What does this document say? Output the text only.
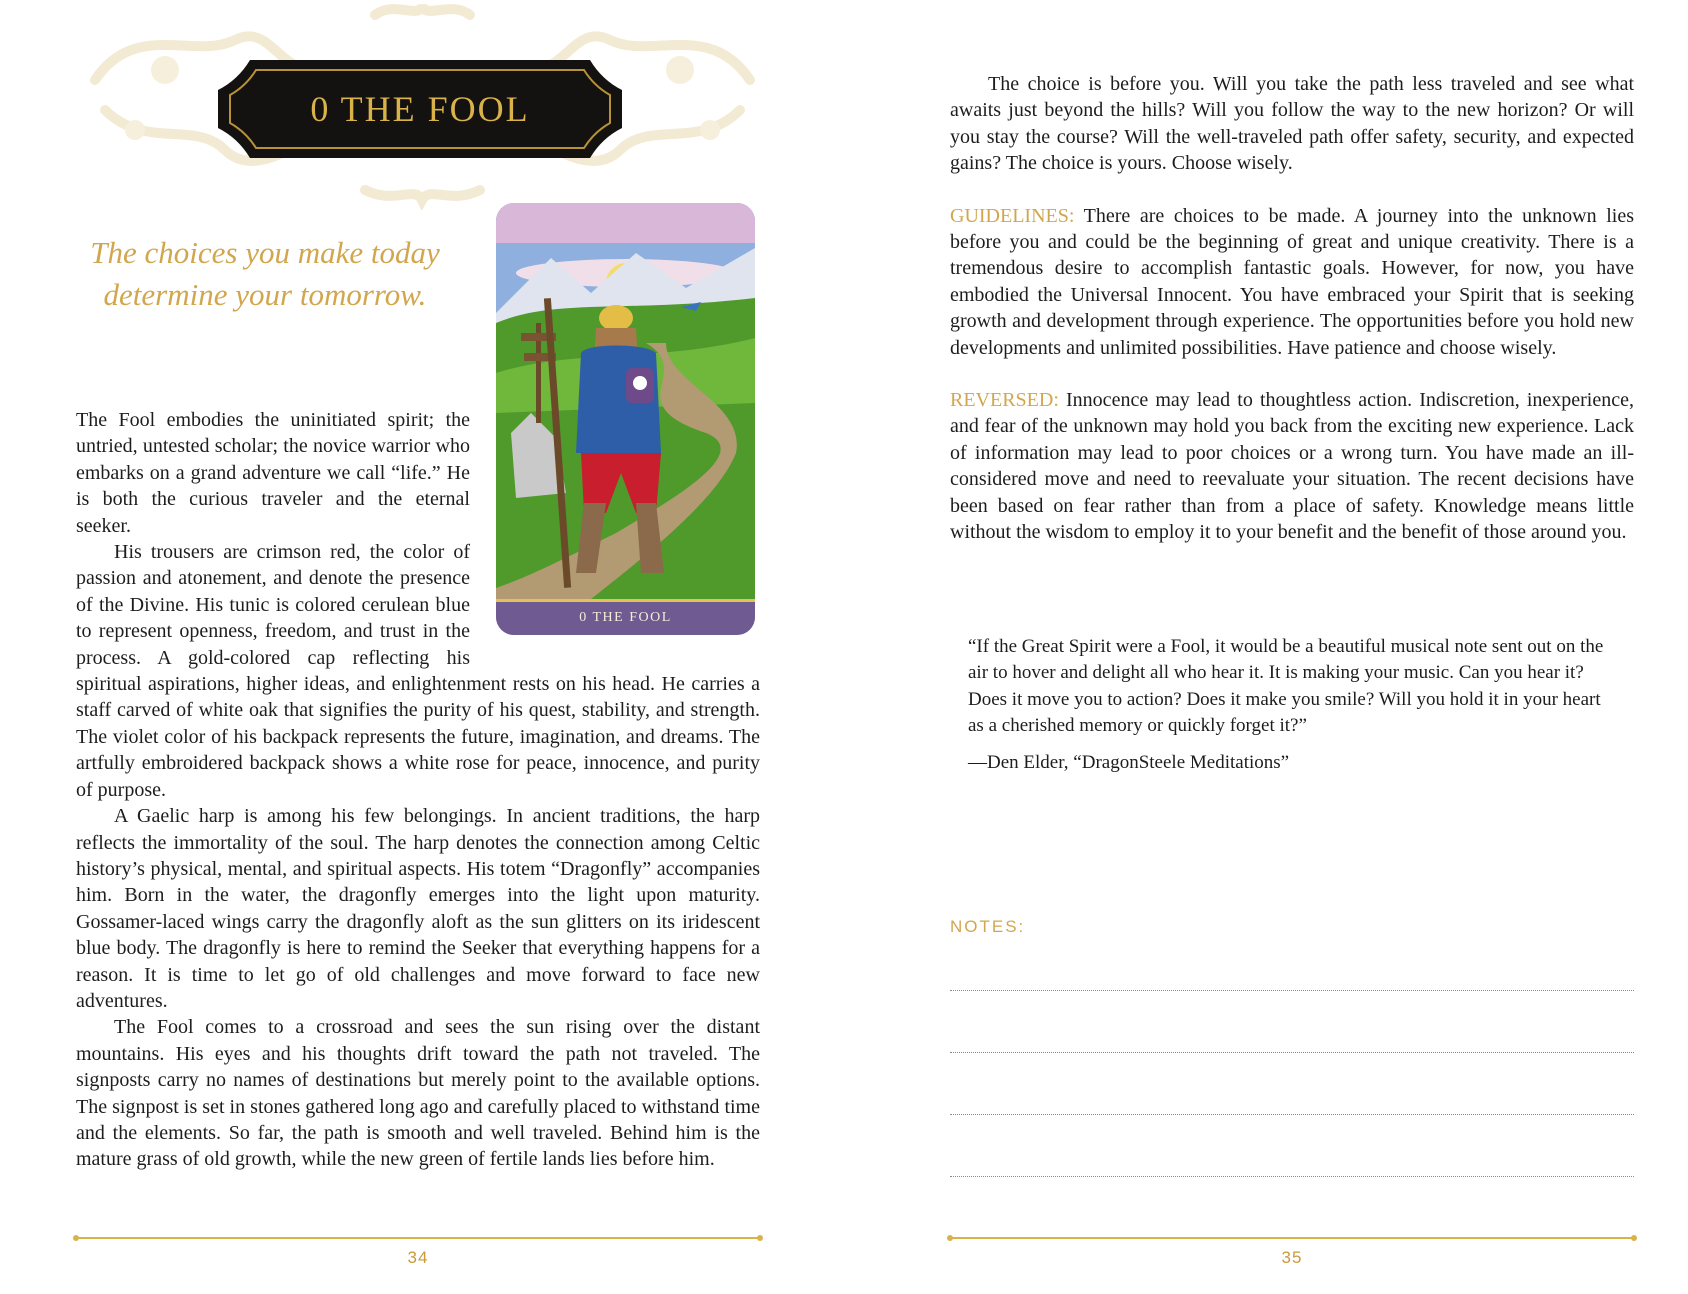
0 THE FOOL
The choices you make today determine your tomorrow.
0 THE FOOL

The Fool embodies the uninitiated spirit; the untried, untested scholar; the novice warrior who embarks on a grand adventure we call “life.” He is both the curious traveler and the eternal seeker.

His trousers are crimson red, the color of passion and atonement, and denote the presence of the Divine. His tunic is colored cerulean blue to represent openness, freedom, and trust in the process. A gold-colored cap reflecting his spiritual aspirations, higher ideas, and enlightenment rests on his head. He carries a staff carved of white oak that signifies the purity of his quest, stability, and strength. The violet color of his backpack represents the future, imagination, and dreams. The artfully embroidered backpack shows a white rose for peace, innocence, and purity of purpose.

A Gaelic harp is among his few belongings. In ancient traditions, the harp reflects the immortality of the soul. The harp denotes the connection among Celtic history’s physical, mental, and spiritual aspects. His totem “Dragonfly” accompanies him. Born in the water, the dragonfly emerges into the light upon maturity. Gossamer-laced wings carry the dragonfly aloft as the sun glitters on its iridescent blue body. The dragonfly is here to remind the Seeker that everything happens for a reason. It is time to let go of old challenges and move forward to face new adventures.

The Fool comes to a crossroad and sees the sun rising over the distant mountains. His eyes and his thoughts drift toward the path not traveled. The signposts carry no names of destinations but merely point to the available options. The signpost is set in stones gathered long ago and carefully placed to withstand time and the elements. So far, the path is smooth and well traveled. Behind him is the mature grass of old growth, while the new green of fertile lands lies before him.

34

The choice is before you. Will you take the path less traveled and see what awaits just beyond the hills? Will you follow the way to the new horizon? Or will you stay the course? Will the well-traveled path offer safety, security, and expected gains? The choice is yours. Choose wisely.

GUIDELINES: There are choices to be made. A journey into the unknown lies before you and could be the beginning of great and unique creativity. There is a tremendous desire to accomplish fantastic goals. However, for now, you have embodied the Universal Innocent. You have embraced your Spirit that is seeking growth and development through experience. The opportunities before you hold new developments and unlimited possibilities. Have patience and choose wisely.

REVERSED: Innocence may lead to thoughtless action. Indiscretion, inexperience, and fear of the unknown may hold you back from the exciting new experience. Lack of information may lead to poor choices or a wrong turn. You have made an ill-considered move and need to reevaluate your situation. The recent decisions have been based on fear rather than from a place of safety. Knowledge means little without the wisdom to employ it to your benefit and the benefit of those around you.

“If the Great Spirit were a Fool, it would be a beautiful musical note sent out on the air to hover and delight all who hear it. It is making your music. Can you hear it? Does it move you to action? Does it make you smile? Will you hold it in your heart as a cherished memory or quickly forget it?”

—Den Elder, “DragonSteele Meditations”

NOTES:
35
